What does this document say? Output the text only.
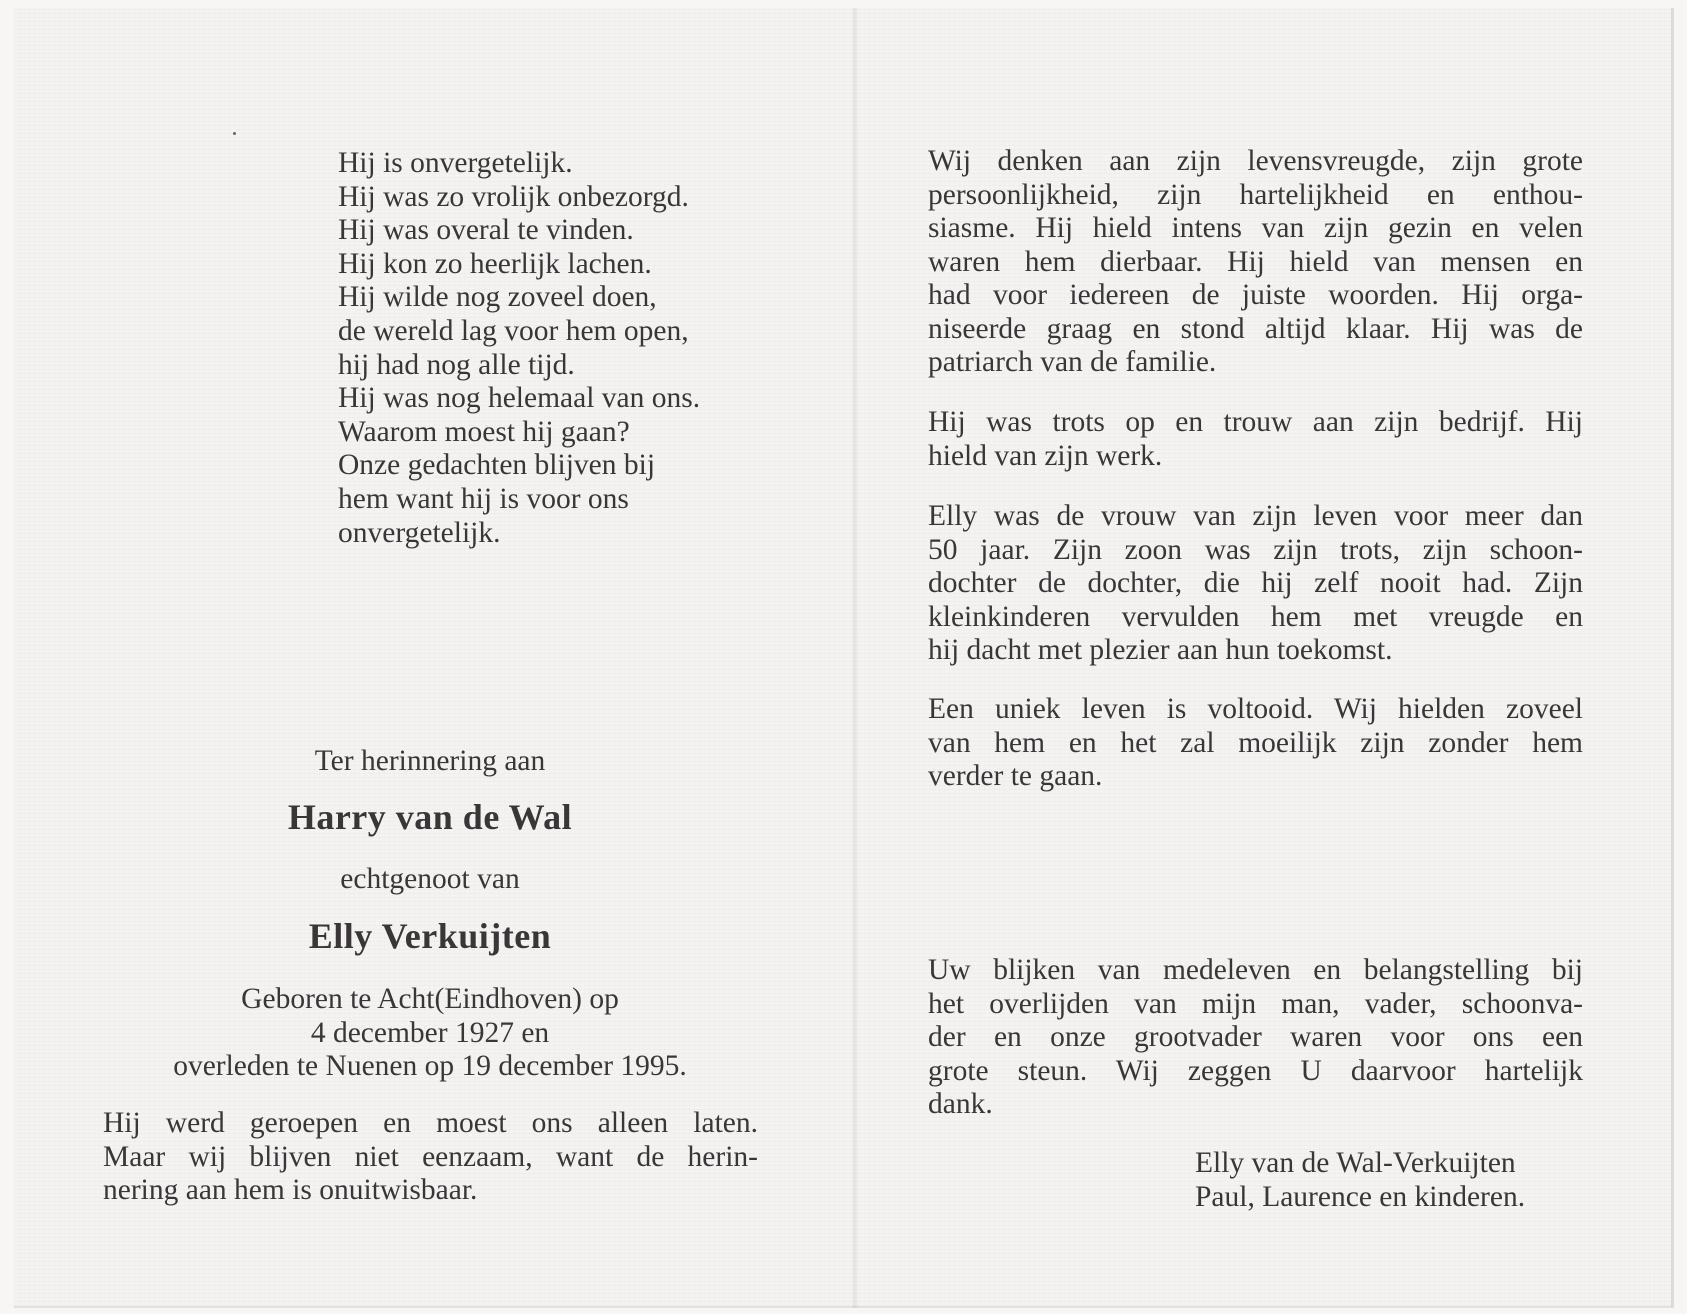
Hij is onvergetelijk.
Hij was zo vrolijk onbezorgd.
Hij was overal te vinden.
Hij kon zo heerlijk lachen.
Hij wilde nog zoveel doen,
de wereld lag voor hem open,
hij had nog alle tijd.
Hij was nog helemaal van ons.
Waarom moest hij gaan?
Onze gedachten blijven bij
hem want hij is voor ons
onvergetelijk.
Ter herinnering aan
Harry van de Wal
echtgenoot van
Elly Verkuijten
Geboren te Acht(Eindhoven) op
4 december 1927 en
overleden te Nuenen op 19 december 1995.
Hij werd geroepen en moest ons alleen laten.
Maar wij blijven niet eenzaam, want de herin-
nering aan hem is onuitwisbaar.
Wij denken aan zijn levensvreugde, zijn grote
persoonlijkheid, zijn hartelijkheid en enthou-
siasme. Hij hield intens van zijn gezin en velen
waren hem dierbaar. Hij hield van mensen en
had voor iedereen de juiste woorden. Hij orga-
niseerde graag en stond altijd klaar. Hij was de
patriarch van de familie.
Hij was trots op en trouw aan zijn bedrijf. Hij
hield van zijn werk.
Elly was de vrouw van zijn leven voor meer dan
50 jaar. Zijn zoon was zijn trots, zijn schoon-
dochter de dochter, die hij zelf nooit had. Zijn
kleinkinderen vervulden hem met vreugde en
hij dacht met plezier aan hun toekomst.
Een uniek leven is voltooid. Wij hielden zoveel
van hem en het zal moeilijk zijn zonder hem
verder te gaan.
Uw blijken van medeleven en belangstelling bij
het overlijden van mijn man, vader, schoonva-
der en onze grootvader waren voor ons een
grote steun. Wij zeggen U daarvoor hartelijk
dank.
Elly van de Wal-Verkuijten
Paul, Laurence en kinderen.
